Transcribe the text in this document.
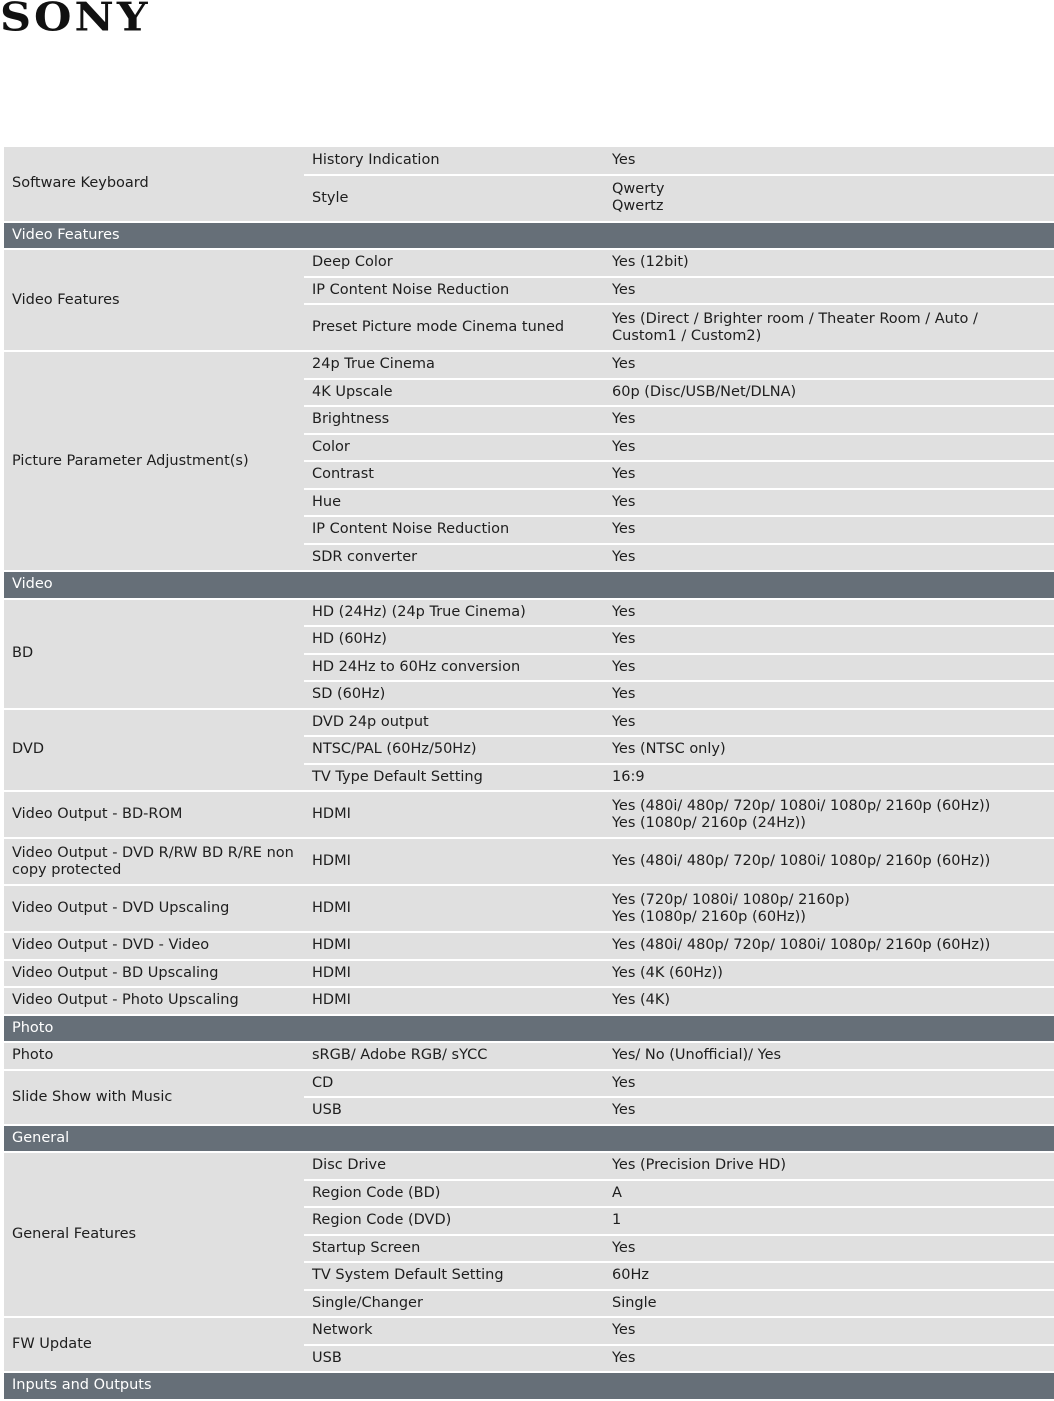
SONY
Software Keyboard	History Indication	Yes
	Style	Qwerty
Qwertz

Video Features		
Video Features	Deep Color	Yes (12bit)
	IP Content Noise Reduction	Yes
	Preset Picture mode Cinema tuned	Yes (Direct / Brighter room / Theater Room / Auto / Custom1 / Custom2)
Picture Parameter Adjustment(s)	24p True Cinema	Yes
	4K Upscale	60p (Disc/USB/Net/DLNA)
	Brightness	Yes
	Color	Yes
	Contrast	Yes
	Hue	Yes
	IP Content Noise Reduction	Yes
	SDR converter	Yes
Video		
BD	HD (24Hz) (24p True Cinema)	Yes
	HD (60Hz)	Yes
	HD 24Hz to 60Hz conversion	Yes
	SD (60Hz)	Yes
DVD	DVD 24p output	Yes
	NTSC/PAL (60Hz/50Hz)	Yes (NTSC only)
	TV Type Default Setting	16:9
Video Output - BD-ROM	HDMI	Yes (480i/ 480p/ 720p/ 1080i/ 1080p/ 2160p (60Hz))
Yes (1080p/ 2160p (24Hz))

Video Output - DVD R/RW BD R/RE non copy protected	HDMI	Yes (480i/ 480p/ 720p/ 1080i/ 1080p/ 2160p (60Hz))
Video Output - DVD Upscaling	HDMI	Yes (720p/ 1080i/ 1080p/ 2160p)
Yes (1080p/ 2160p (60Hz))

Video Output - DVD - Video	HDMI	Yes (480i/ 480p/ 720p/ 1080i/ 1080p/ 2160p (60Hz))
Video Output - BD Upscaling	HDMI	Yes (4K (60Hz))
Video Output - Photo Upscaling	HDMI	Yes (4K)
Photo		
Photo	sRGB/ Adobe RGB/ sYCC	Yes/ No (Unofficial)/ Yes
Slide Show with Music	CD	Yes
	USB	Yes
General		
General Features	Disc Drive	Yes (Precision Drive HD)
	Region Code (BD)	A
	Region Code (DVD)	1
	Startup Screen	Yes
	TV System Default Setting	60Hz
	Single/Changer	Single
FW Update	Network	Yes
	USB	Yes
Inputs and Outputs		
